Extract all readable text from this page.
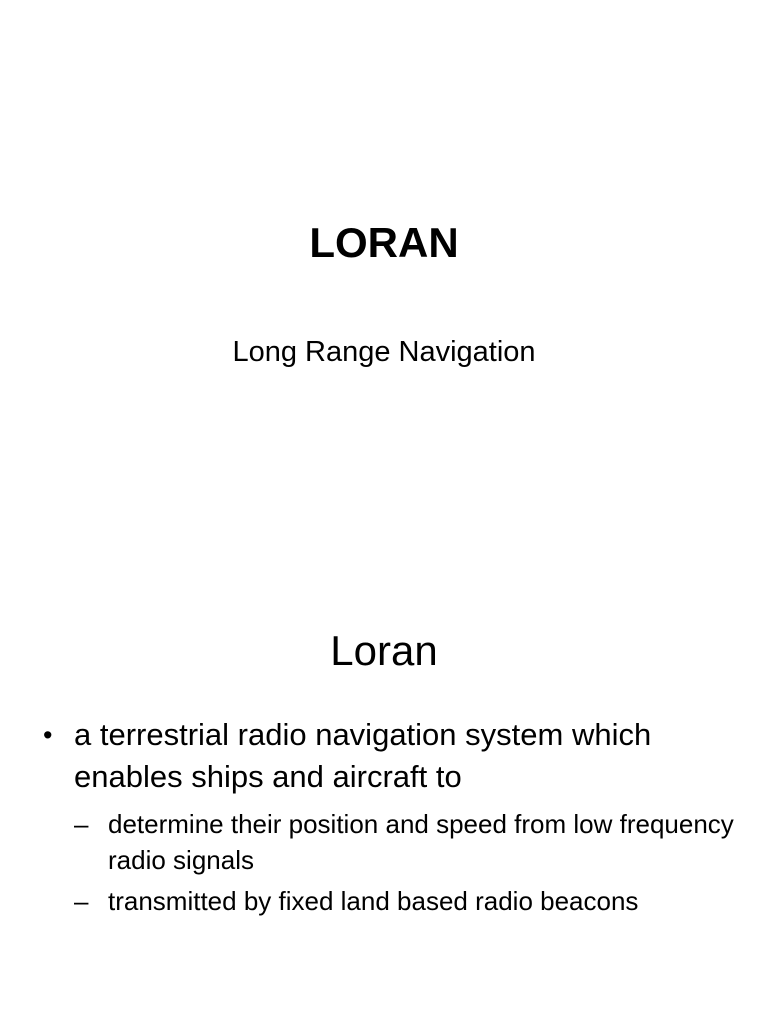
LORAN
Long Range Navigation
Loran
• a terrestrial radio navigation system which enables ships and aircraft to
– determine their position and speed from low frequency radio signals
– transmitted by fixed land based radio beacons
